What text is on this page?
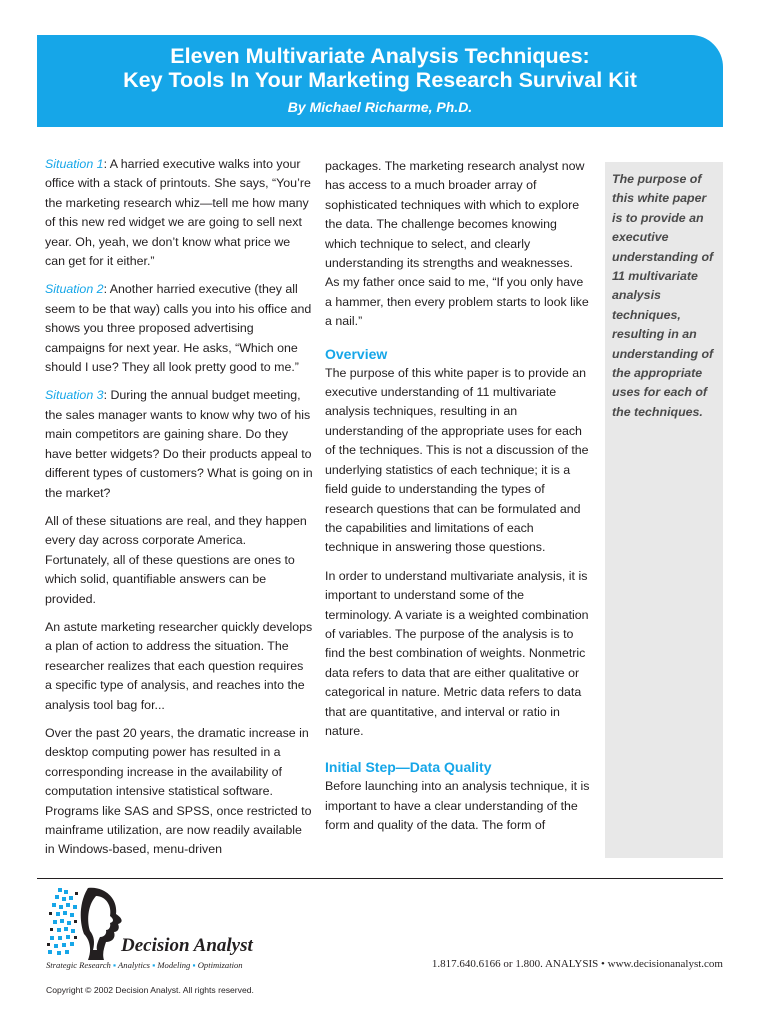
Eleven Multivariate Analysis Techniques:
Key Tools In Your Marketing Research Survival Kit
By Michael Richarme, Ph.D.

Situation 1: A harried executive walks into your office with a stack of printouts. She says, “You’re the marketing research whiz—tell me how many of this new red widget we are going to sell next year. Oh, yeah, we don’t know what price we can get for it either.”

Situation 2: Another harried executive (they all seem to be that way) calls you into his office and shows you three proposed advertising campaigns for next year. He asks, “Which one should I use? They all look pretty good to me.”

Situation 3: During the annual budget meeting, the sales manager wants to know why two of his main competitors are gaining share. Do they have better widgets? Do their products appeal to different types of customers? What is going on in the market?

All of these situations are real, and they happen every day across corporate America. Fortunately, all of these questions are ones to which solid, quantifiable answers can be provided.

An astute marketing researcher quickly develops a plan of action to address the situation. The researcher realizes that each question requires a specific type of analysis, and reaches into the analysis tool bag for...

Over the past 20 years, the dramatic increase in desktop computing power has resulted in a corresponding increase in the availability of computation intensive statistical software. Programs like SAS and SPSS, once restricted to mainframe utilization, are now readily available in Windows-based, menu-driven

packages. The marketing research analyst now has access to a much broader array of sophisticated techniques with which to explore the data. The challenge becomes knowing which technique to select, and clearly understanding its strengths and weaknesses. As my father once said to me, “If you only have a hammer, then every problem starts to look like a nail.”

Overview

The purpose of this white paper is to provide an executive understanding of 11 multivariate analysis techniques, resulting in an understanding of the appropriate uses for each of the techniques. This is not a discussion of the underlying statistics of each technique; it is a field guide to understanding the types of research questions that can be formulated and the capabilities and limitations of each technique in answering those questions.

In order to understand multivariate analysis, it is important to understand some of the terminology. A variate is a weighted combination of variables. The purpose of the analysis is to find the best combination of weights. Nonmetric data refers to data that are either qualitative or categorical in nature. Metric data refers to data that are quantitative, and interval or ratio in nature.

Initial Step—Data Quality

Before launching into an analysis technique, it is important to have a clear understanding of the form and quality of the data. The form of

The purpose of this white paper is to provide an executive understanding of 11 multivariate analysis techniques, resulting in an understanding of the appropriate uses for each of the techniques.
Decision Analyst
Strategic Research ▪ Analytics ▪ Modeling ▪ Optimization	1.817.640.6166 or 1.800. ANALYSIS • www.decisionanalyst.com
Copyright © 2002 Decision Analyst. All rights reserved.
